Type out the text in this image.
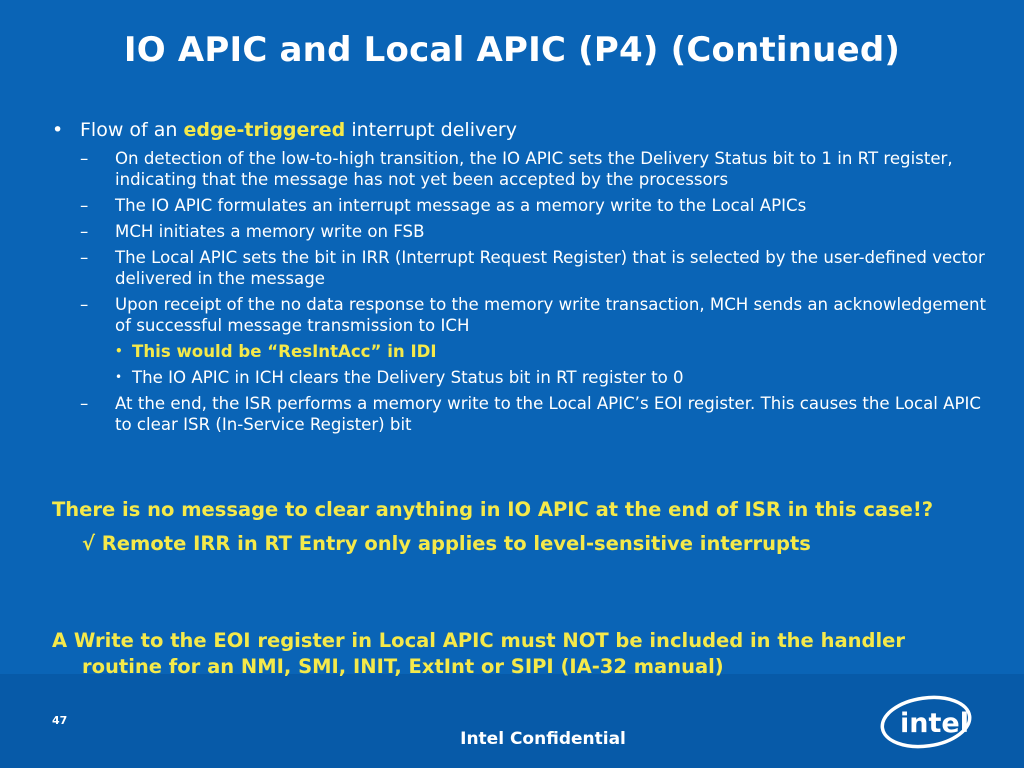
IO APIC and Local APIC (P4) (Continued)
• Flow of an edge-triggered interrupt delivery
– On detection of the low-to-high transition, the IO APIC sets the Delivery Status bit to 1 in RT register, indicating that the message has not yet been accepted by the processors
– The IO APIC formulates an interrupt message as a memory write to the Local APICs
– MCH initiates a memory write on FSB
– The Local APIC sets the bit in IRR (Interrupt Request Register) that is selected by the user-defined vector delivered in the message
– Upon receipt of the no data response to the memory write transaction, MCH sends an acknowledgement of successful message transmission to ICH
• This would be “ResIntAcc” in IDI
• The IO APIC in ICH clears the Delivery Status bit in RT register to 0
– At the end, the ISR performs a memory write to the Local APIC’s EOI register. This causes the Local APIC to clear ISR (In-Service Register) bit
There is no message to clear anything in IO APIC at the end of ISR in this case!?
√ Remote IRR in RT Entry only applies to level-sensitive interrupts
A Write to the EOI register in Local APIC must NOT be included in the handler routine for an NMI, SMI, INIT, ExtInt or SIPI (IA-32 manual)
47
Intel Confidential	intel
